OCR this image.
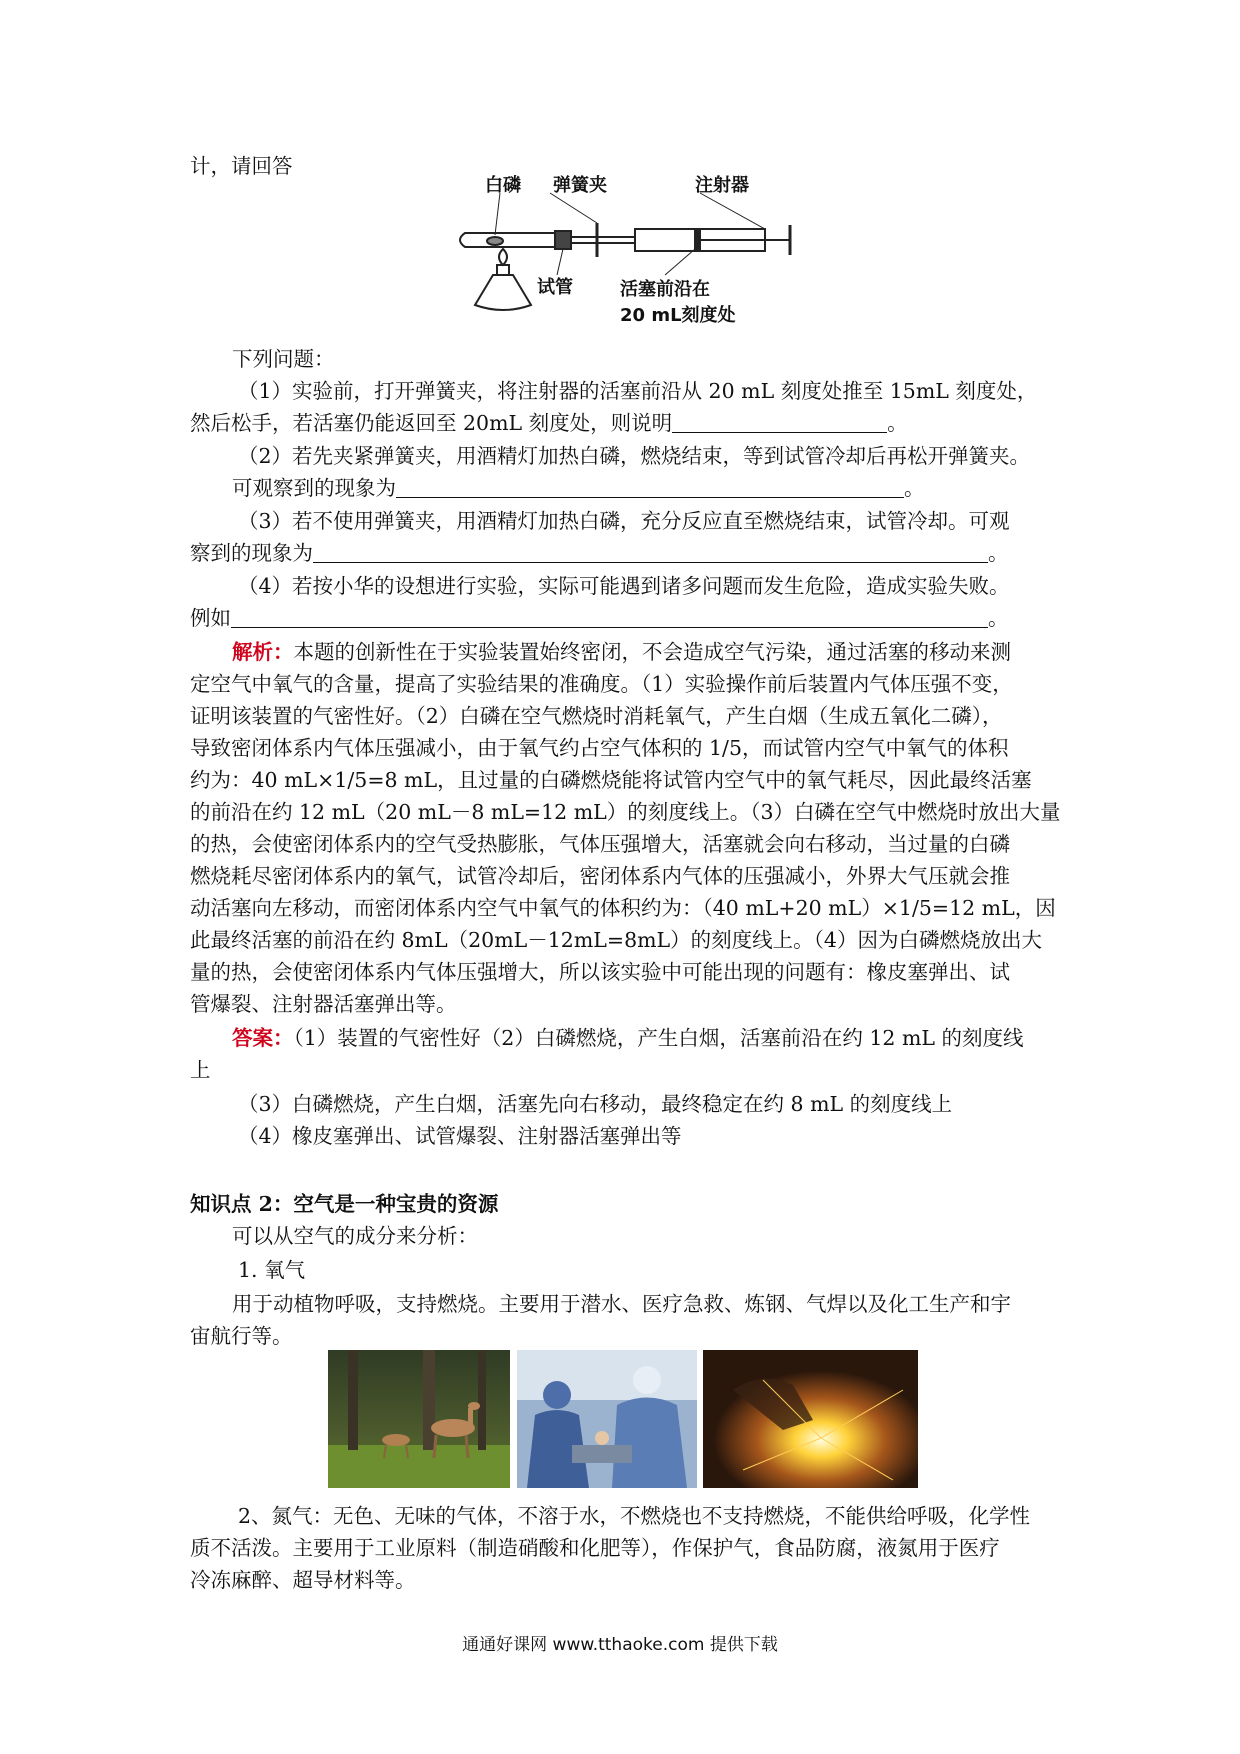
计，请回答
白磷 弹簧夹	注射器
试管	活塞前沿在
20 mL刻度处
下列问题：
（1）实验前，打开弹簧夹，将注射器的活塞前沿从 20 mL 刻度处推至 15mL 刻度处，
然后松手，若活塞仍能返回至 20mL 刻度处，则说明	。
（2）若先夹紧弹簧夹，用酒精灯加热白磷，燃烧结束，等到试管冷却后再松开弹簧夹。
可观察到的现象为	。
（3）若不使用弹簧夹，用酒精灯加热白磷，充分反应直至燃烧结束，试管冷却。可观
察到的现象为	。
（4）若按小华的设想进行实验，实际可能遇到诸多问题而发生危险，造成实验失败。
例如	。
解析：本题的创新性在于实验装置始终密闭，不会造成空气污染，通过活塞的移动来测
定空气中氧气的含量，提高了实验结果的准确度。（1）实验操作前后装置内气体压强不变，
证明该装置的气密性好。（2）白磷在空气燃烧时消耗氧气，产生白烟（生成五氧化二磷），
导致密闭体系内气体压强减小，由于氧气约占空气体积的 1/5，而试管内空气中氧气的体积
约为：40 mL×1/5=8 mL，且过量的白磷燃烧能将试管内空气中的氧气耗尽，因此最终活塞
的前沿在约 12 mL（20 mL－8 mL=12 mL）的刻度线上。（3）白磷在空气中燃烧时放出大量
的热，会使密闭体系内的空气受热膨胀，气体压强增大，活塞就会向右移动，当过量的白磷
燃烧耗尽密闭体系内的氧气，试管冷却后，密闭体系内气体的压强减小，外界大气压就会推
动活塞向左移动，而密闭体系内空气中氧气的体积约为：（40 mL+20 mL）×1/5=12 mL，因
此最终活塞的前沿在约 8mL（20mL－12mL=8mL）的刻度线上。（4）因为白磷燃烧放出大
量的热，会使密闭体系内气体压强增大，所以该实验中可能出现的问题有：橡皮塞弹出、试
管爆裂、注射器活塞弹出等。
答案：（1）装置的气密性好（2）白磷燃烧，产生白烟，活塞前沿在约 12 mL 的刻度线
上
（3）白磷燃烧，产生白烟，活塞先向右移动，最终稳定在约 8 mL 的刻度线上
（4）橡皮塞弹出、试管爆裂、注射器活塞弹出等
知识点 2：空气是一种宝贵的资源
可以从空气的成分来分析：
1. 氧气
用于动植物呼吸，支持燃烧。主要用于潜水、医疗急救、炼钢、气焊以及化工生产和宇
宙航行等。
2、氮气：无色、无味的气体，不溶于水，不燃烧也不支持燃烧，不能供给呼吸，化学性
质不活泼。主要用于工业原料（制造硝酸和化肥等），作保护气，食品防腐，液氮用于医疗
冷冻麻醉、超导材料等。
通通好课网 www.tthaoke.com 提供下载
